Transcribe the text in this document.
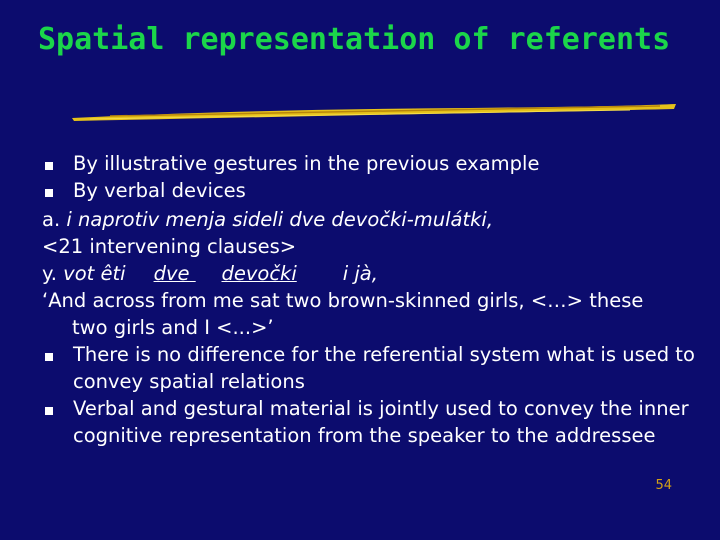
Spatial representation of referents
By illustrative gestures in the previous example
By verbal devices
a. i naprotiv menja sideli dve devočki-mulátki,
<21 intervening clauses>
y. vot êti dve devočki i jà,
‘And across from me sat two brown-skinned girls, <…> these
two girls and I <...>’
There is no difference for the referential system what is used to convey spatial relations
Verbal and gestural material is jointly used to convey the inner cognitive representation from the speaker to the addressee
54
